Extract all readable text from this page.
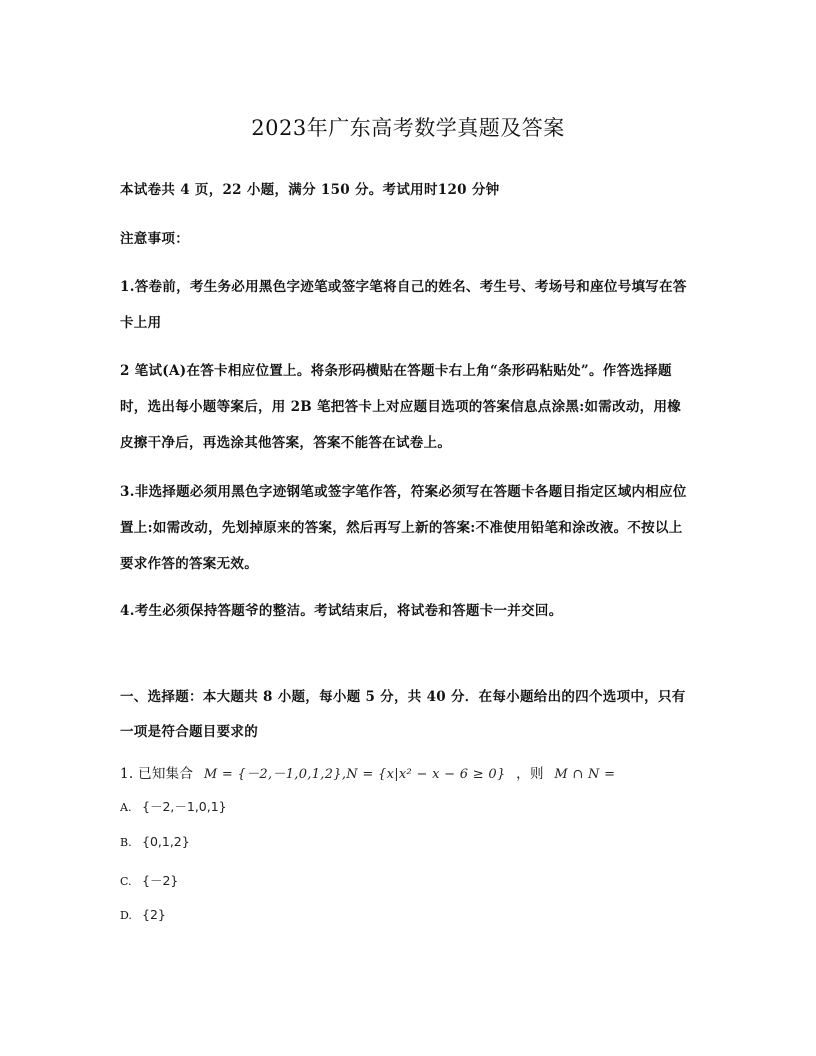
2023年广东高考数学真题及答案
本试卷共 4 页，22 小题，满分 150 分。考试用时120 分钟
注意事项：
1.答卷前，考生务必用黑色字迹笔或签字笔将自己的姓名、考生号、考场号和座位号填写在答
卡上用
2 笔试(A)在答卡相应位置上。将条形码横贴在答题卡右上角“条形码粘贴处”。作答选择题
时，选出每小题等案后，用 2B 笔把答卡上对应题目选项的答案信息点涂黑:如需改动，用橡
皮擦干净后，再选涂其他答案，答案不能答在试卷上。
3.非选择题必须用黑色字迹钢笔或签字笔作答，符案必须写在答题卡各题目指定区域内相应位
置上:如需改动，先划掉原来的答案，然后再写上新的答案:不准使用铅笔和涂改液。不按以上
要求作答的答案无效。
4.考生必须保持答题爷的整洁。考试结束后，将试卷和答题卡一并交回。
一、选择题：本大题共 8 小题，每小题 5 分，共 40 分．在每小题给出的四个选项中，只有
一项是符合题目要求的
1. 已知集合 M = {－2,－1,0,1,2},N = {x|x² − x − 6 ≥ 0} ，则 M ∩ N =
A. {－2,－1,0,1}
B. {0,1,2}
C. {－2}
D. {2}
